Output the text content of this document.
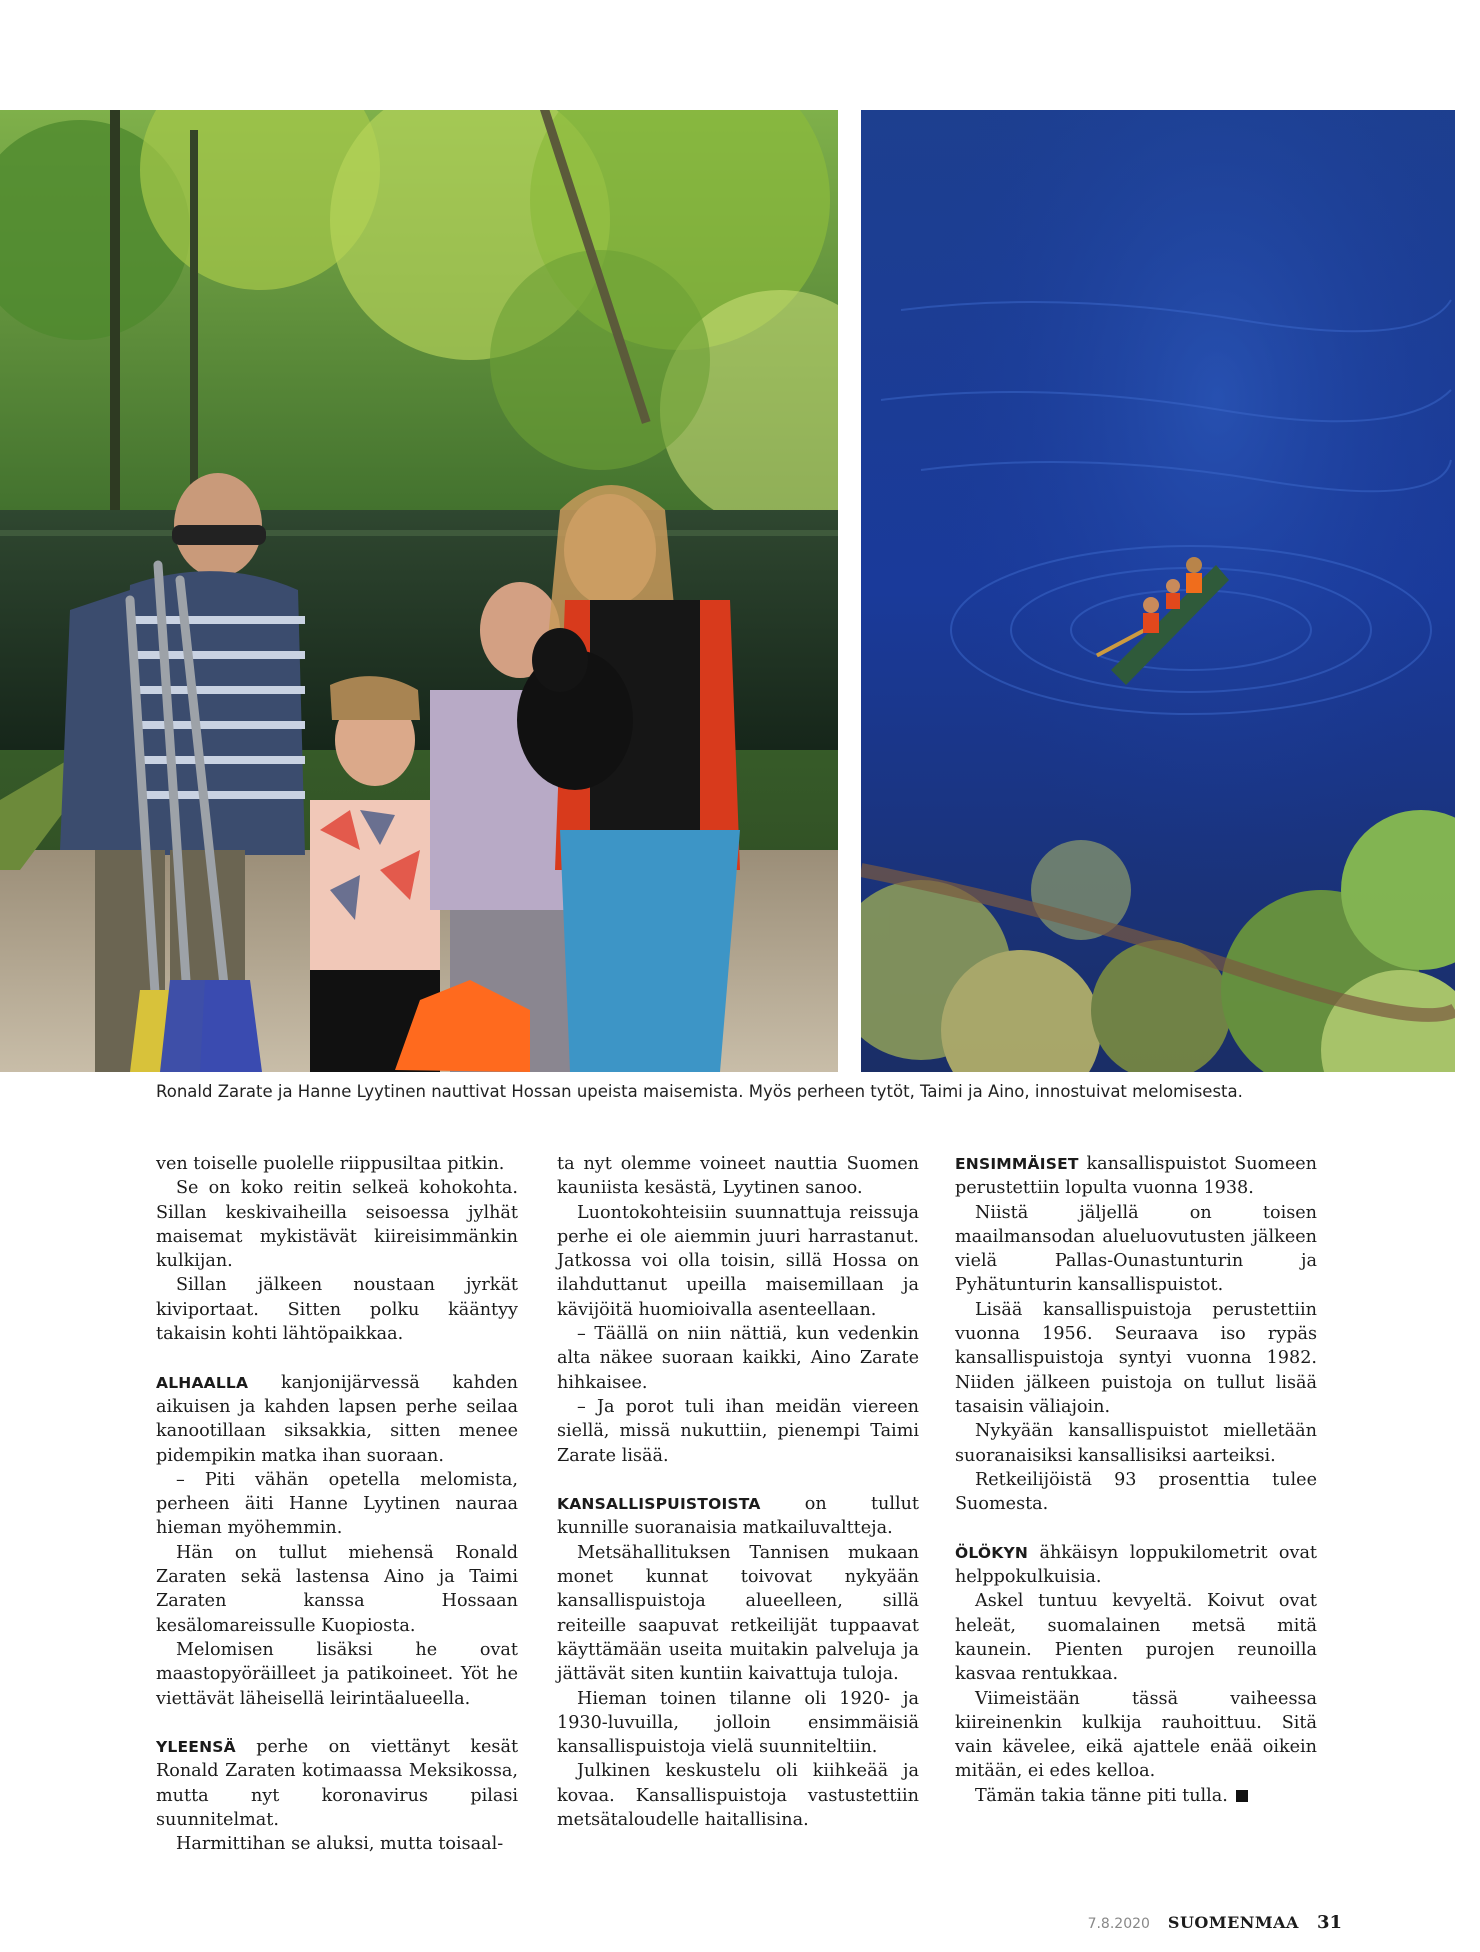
Ronald Zarate ja Hanne Lyytinen nauttivat Hossan upeista maisemista. Myös perheen tytöt, Taimi ja Aino, innostuivat melomisesta.

ven toiselle puolelle riippusiltaa pitkin.

Se on koko reitin selkeä kohokohta. Sillan keskivaiheilla seisoessa jylhät maisemat mykistävät kiireisimmänkin kulkijan.

Sillan jälkeen noustaan jyrkät kiviportaat. Sitten polku kääntyy takaisin kohti lähtöpaikkaa.

ALHAALLA kanjonijärvessä kahden aikuisen ja kahden lapsen perhe seilaa kanootillaan siksakkia, sitten menee pidempikin matka ihan suoraan.

– Piti vähän opetella melomista, perheen äiti Hanne Lyytinen nauraa hieman myöhemmin.

Hän on tullut miehensä Ronald Zaraten sekä lastensa Aino ja Taimi Zaraten kanssa Hossaan kesälomareissulle Kuopiosta.

Melomisen lisäksi he ovat maastopyöräilleet ja patikoineet. Yöt he viettävät läheisellä leirintäalueella.

YLEENSÄ perhe on viettänyt kesät Ronald Zaraten kotimaassa Meksikossa, mutta nyt koronavirus pilasi suunnitelmat.

Harmittihan se aluksi, mutta toisaal-

ta nyt olemme voineet nauttia Suomen kauniista kesästä, Lyytinen sanoo.

Luontokohteisiin suunnattuja reissuja perhe ei ole aiemmin juuri harrastanut. Jatkossa voi olla toisin, sillä Hossa on ilahduttanut upeilla maisemillaan ja kävijöitä huomioivalla asenteellaan.

– Täällä on niin nättiä, kun vedenkin alta näkee suoraan kaikki, Aino Zarate hihkaisee.

– Ja porot tuli ihan meidän viereen siellä, missä nukuttiin, pienempi Taimi Zarate lisää.

KANSALLISPUISTOISTA	on tullut kunnille suoranaisia matkailuvaltteja.

Metsähallituksen Tannisen mukaan monet kunnat toivovat nykyään kansallispuistoja alueelleen, sillä reiteille saapuvat retkeilijät tuppaavat käyttämään useita muitakin palveluja ja jättävät siten kuntiin kaivattuja tuloja.

Hieman toinen tilanne oli 1920- ja 1930-luvuilla, jolloin ensimmäisiä kansallispuistoja vielä suunniteltiin.

Julkinen keskustelu oli kiihkeää ja kovaa. Kansallispuistoja vastustettiin metsätaloudelle haitallisina.

ENSIMMÄISET kansallispuistot Suomeen perustettiin lopulta vuonna 1938.

Niistä jäljellä on toisen maailmansodan alueluovutusten jälkeen vielä Pallas-Ounastunturin ja Pyhätunturin kansallispuistot.

Lisää kansallispuistoja perustettiin vuonna 1956. Seuraava iso rypäs kansallispuistoja syntyi vuonna 1982. Niiden jälkeen puistoja on tullut lisää tasaisin väliajoin.

Nykyään kansallispuistot mielletään suoranaisiksi kansallisiksi aarteiksi.

Retkeilijöistä 93 prosenttia tulee Suomesta.

ÖLÖKYN ähkäisyn loppukilometrit ovat helppokulkuisia.

Askel tuntuu kevyeltä. Koivut ovat heleät, suomalainen metsä mitä kaunein. Pienten purojen reunoilla kasvaa rentukkaa.

Viimeistään tässä vaiheessa kiireinenkin kulkija rauhoittuu. Sitä vain kävelee, eikä ajattele enää oikein mitään, ei edes kelloa.

Tämän takia tänne piti tulla.

7.8.2020 SUOMENMAA 31
